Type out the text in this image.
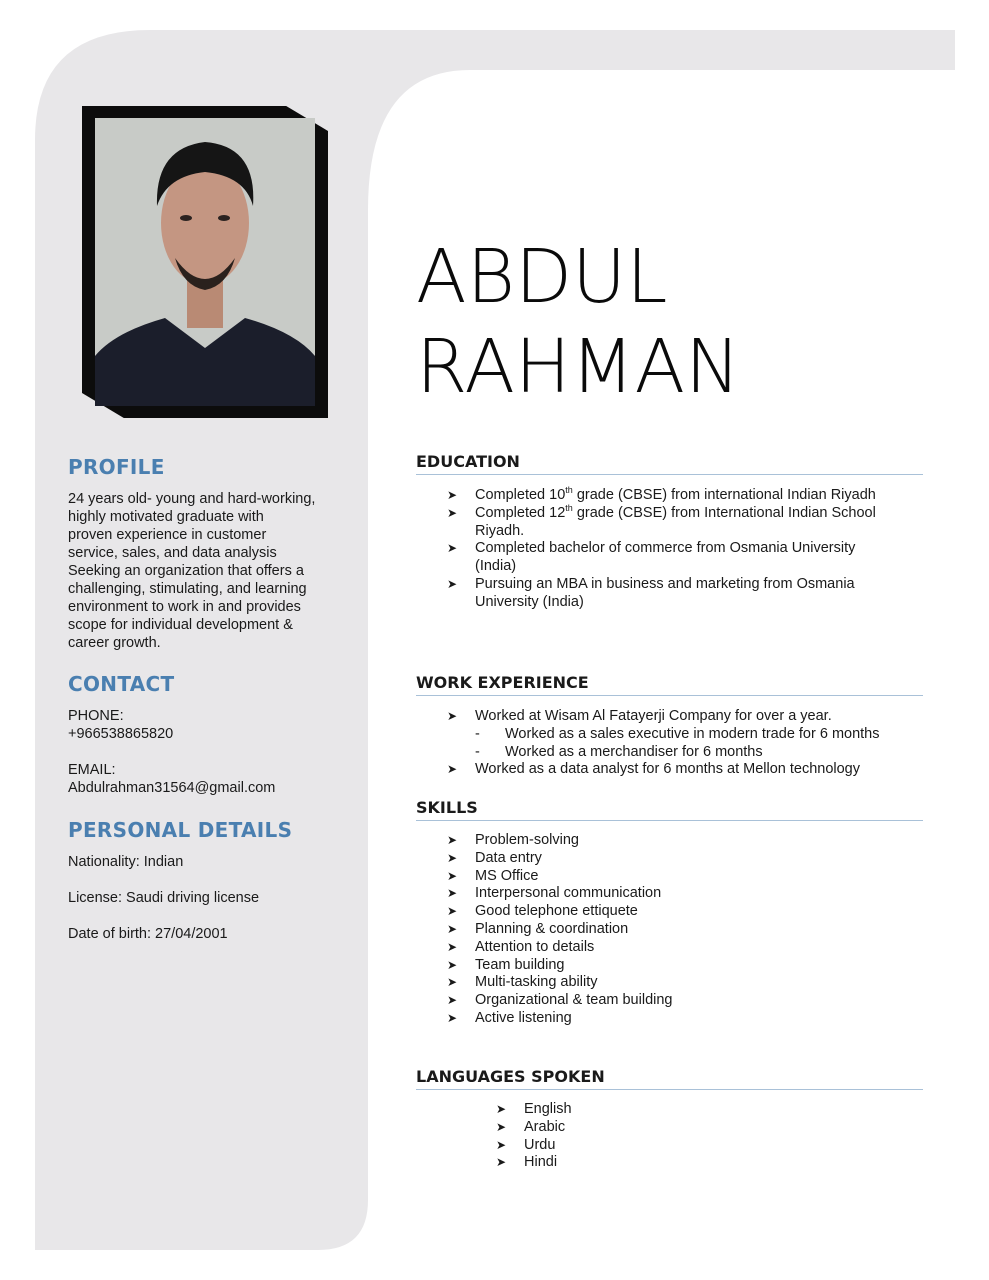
ABDUL
RAHMAN
PROFILE

24 years old- young and hard-working,

highly motivated graduate with

proven experience in customer

service, sales, and data analysis

Seeking an organization that offers a

challenging, stimulating, and learning

environment to work in and provides

scope for individual development &

career growth.

CONTACT

PHONE:

+966538865820

EMAIL:

Abdulrahman31564@gmail.com

PERSONAL DETAILS

Nationality: Indian

License: Saudi driving license

Date of birth: 27/04/2001

EDUCATION
➤ Completed 10th grade (CBSE) from international Indian Riyadh
➤ Completed 12th grade (CBSE) from International Indian School
Riyadh.
➤ Completed bachelor of commerce from Osmania University
(India)
➤ Pursuing an MBA in business and marketing from Osmania
University (India)
WORK EXPERIENCE
➤ Worked at Wisam Al Fatayerji Company for over a year.
- Worked as a sales executive in modern trade for 6 months
- Worked as a merchandiser for 6 months
➤ Worked as a data analyst for 6 months at Mellon technology
SKILLS
➤ Problem-solving
➤ Data entry
➤ MS Office
➤ Interpersonal communication
➤ Good telephone ettiquete
➤ Planning & coordination
➤ Attention to details
➤ Team building
➤ Multi-tasking ability
➤ Organizational & team building
➤ Active listening
LANGUAGES SPOKEN
➤ English
➤ Arabic
➤ Urdu
➤ Hindi
